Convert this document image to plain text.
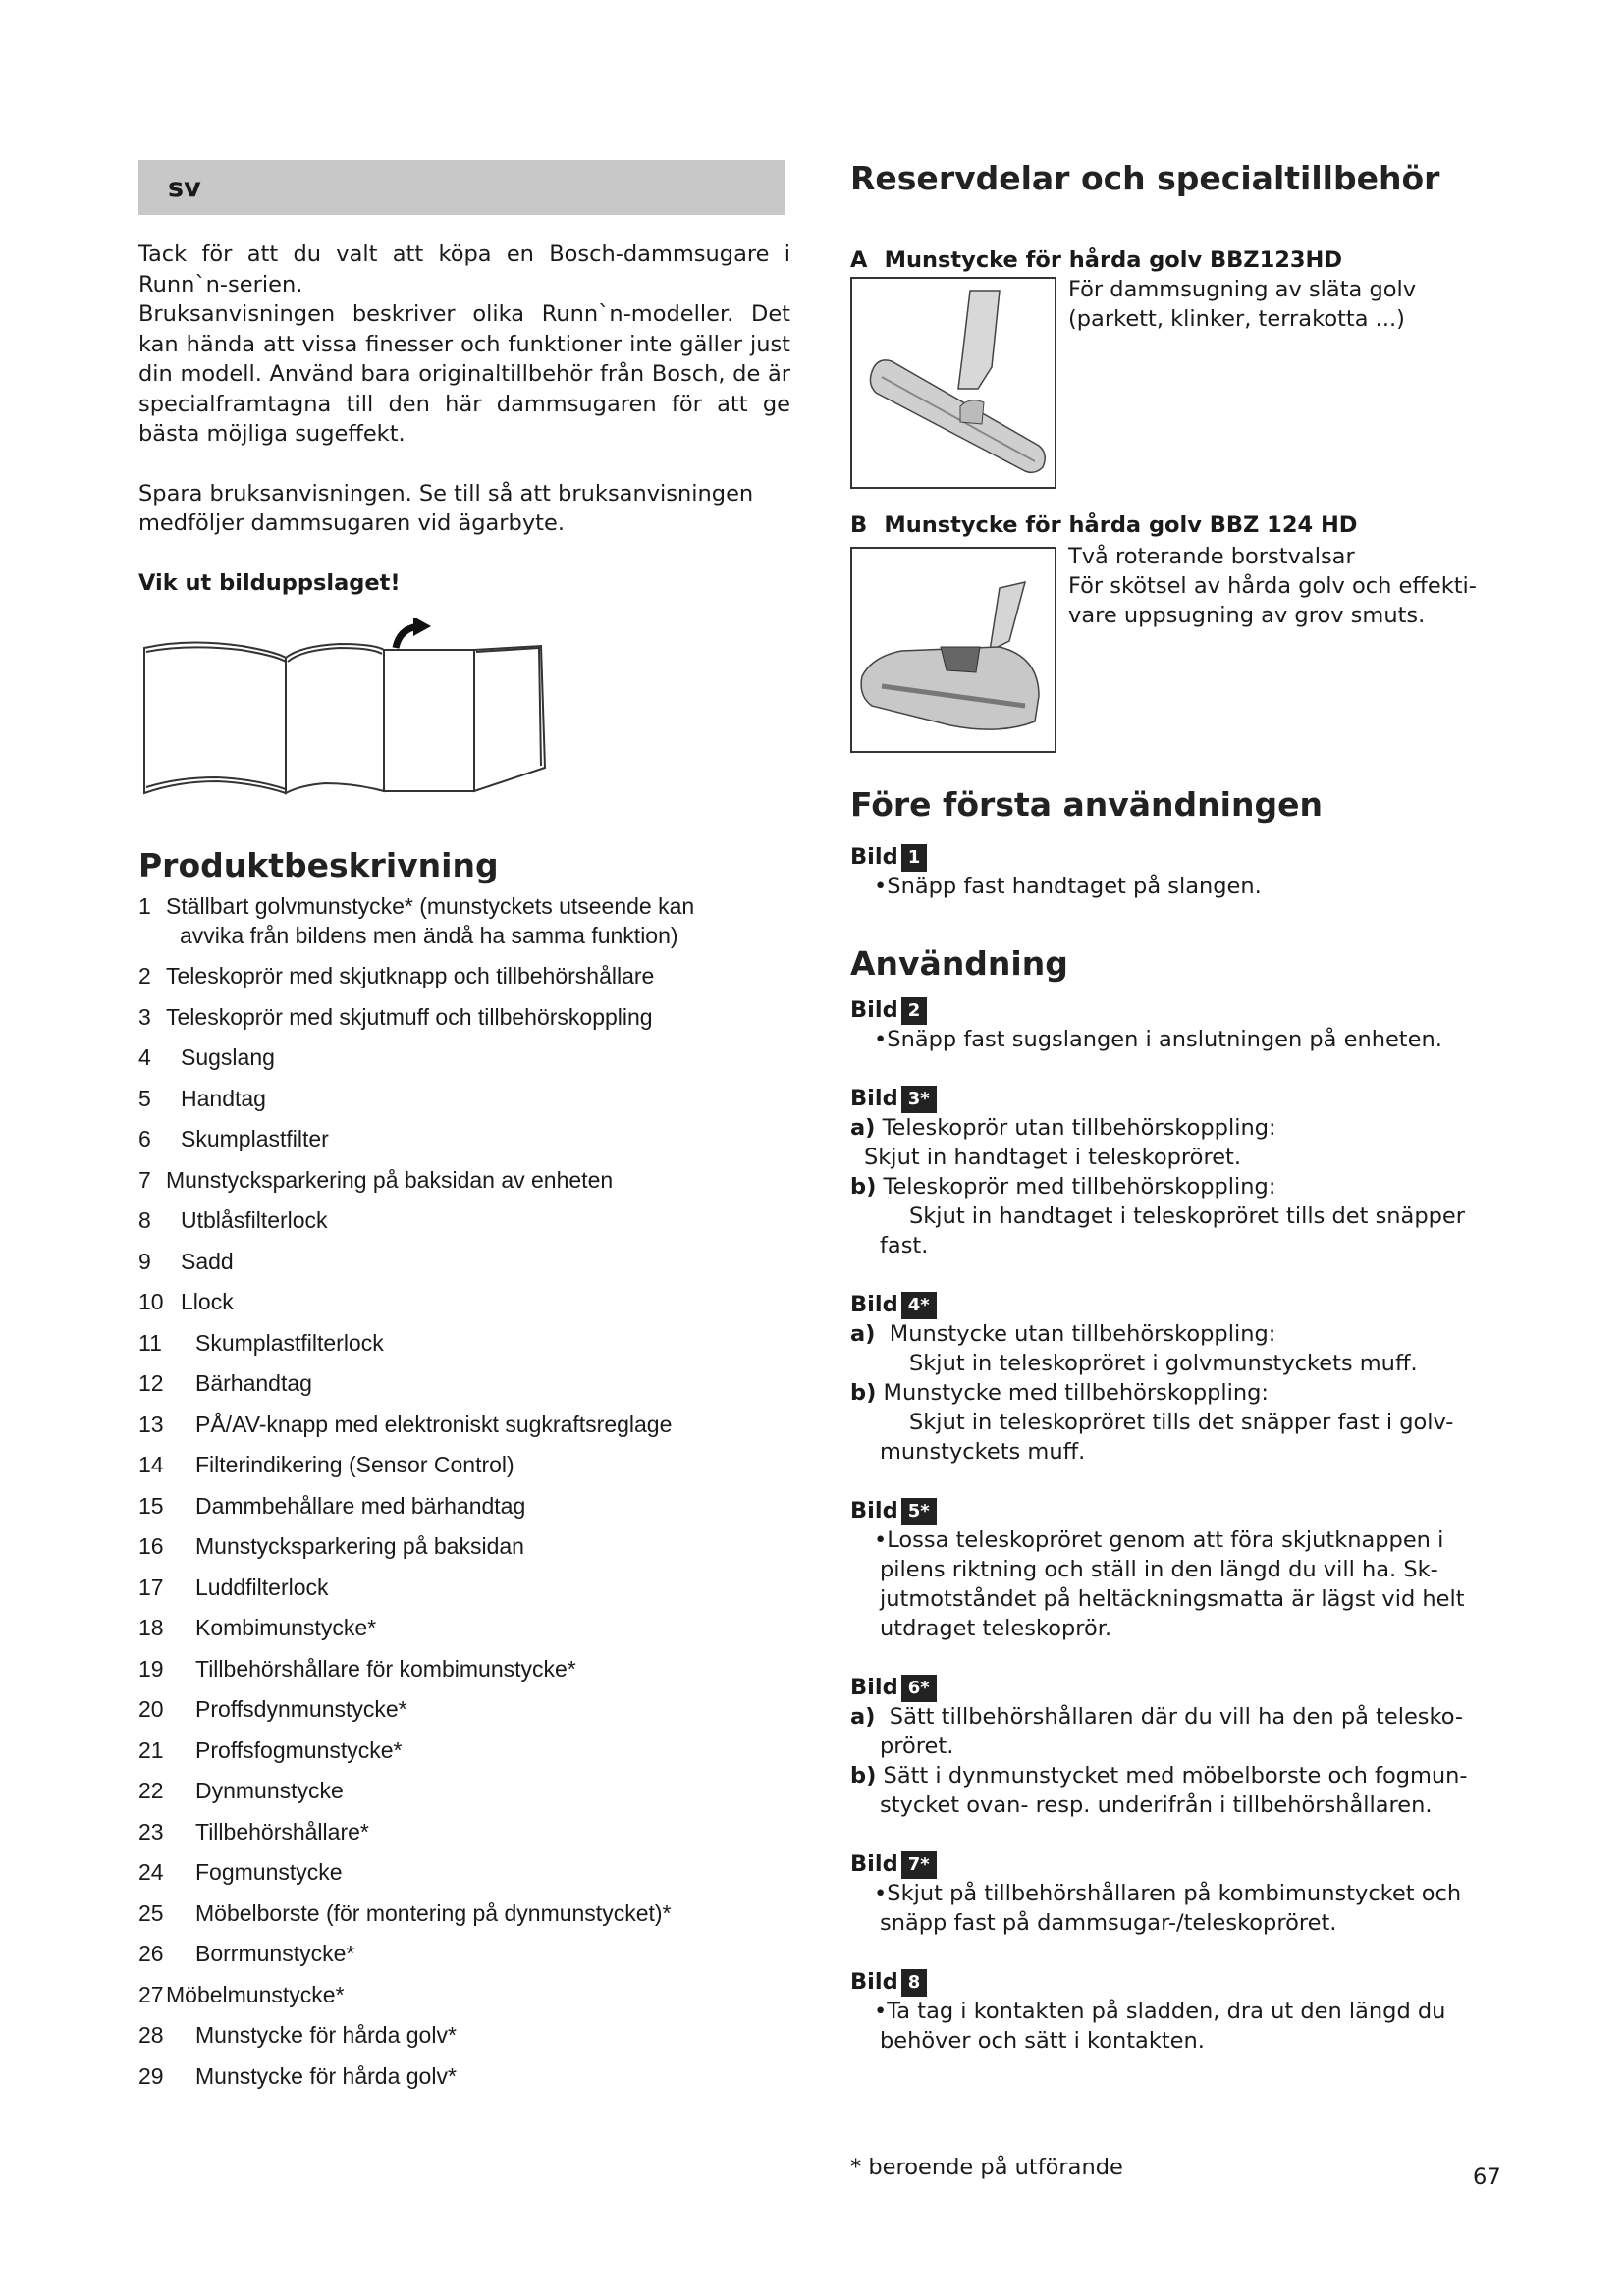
sv
Tack för att du valt att köpa en Bosch-dammsugare i
Runn`n-serien.

Bruksanvisningen beskriver olika Runn`n-modeller. Det kan hända att vissa finesser och funktioner inte gäller just din modell. Använd bara originaltillbehör från Bosch, de är specialframtagna till den här dammsugaren för att ge bästa möjliga sugeffekt.

Spara bruksanvisningen. Se till så att bruksanvisningen medföljer dammsugaren vid ägarbyte.

Vik ut bilduppslaget!

Produktbeskrivning
1 Ställbart golvmunstycke* (munstyckets utseende kan
avvika från bildens men ändå ha samma funktion)
2 Teleskoprör med skjutknapp och tillbehörshållare
3 Teleskoprör med skjutmuff och tillbehörskoppling
4 Sugslang
5 Handtag
6 Skumplastfilter
7 Munstycksparkering på baksidan av enheten
8 Utblåsfilterlock
9 Sadd
10 Llock
11 Skumplastfilterlock
12 Bärhandtag
13 PÅ/AV-knapp med elektroniskt sugkraftsreglage
14 Filterindikering (Sensor Control)
15 Dammbehållare med bärhandtag
16 Munstycksparkering på baksidan
17 Luddfilterlock
18 Kombimunstycke*
19 Tillbehörshållare för kombimunstycke*
20 Proffsdynmunstycke*
21 Proffsfogmunstycke*
22 Dynmunstycke
23 Tillbehörshållare*
24 Fogmunstycke
25 Möbelborste (för montering på dynmunstycket)*
26 Borrmunstycke*
27 Möbelmunstycke*
28 Munstycke för hårda golv*
29 Munstycke för hårda golv*
Reservdelar och specialtillbehör
A Munstycke för hårda golv BBZ123HD
För dammsugning av släta golv
(parkett, klinker, terrakotta ...)
B Munstycke för hårda golv BBZ 124 HD
Två roterande borstvalsar
För skötsel av hårda golv och effekti-
vare uppsugning av grov smuts.
Före första användningen
Bild 1
•Snäpp fast handtaget på slangen.
Användning
Bild 2
•Snäpp fast sugslangen i anslutningen på enheten.
Bild 3*
a) Teleskoprör utan tillbehörskoppling:
Skjut in handtaget i teleskopröret.
b) Teleskoprör med tillbehörskoppling:
Skjut in handtaget i teleskopröret tills det snäpper
fast.
Bild 4*
a) Munstycke utan tillbehörskoppling:
Skjut in teleskopröret i golvmunstyckets muff.
b) Munstycke med tillbehörskoppling:
Skjut in teleskopröret tills det snäpper fast i golv-
munstyckets muff.
Bild 5*
•Lossa teleskopröret genom att föra skjutknappen i
pilens riktning och ställ in den längd du vill ha. Sk-
jutmotståndet på heltäckningsmatta är lägst vid helt
utdraget teleskoprör.
Bild 6*
a) Sätt tillbehörshållaren där du vill ha den på telesko-
pröret.
b) Sätt i dynmunstycket med möbelborste och fogmun-
stycket ovan- resp. underifrån i tillbehörshållaren.
Bild 7*
•Skjut på tillbehörshållaren på kombimunstycket och
snäpp fast på dammsugar-/teleskopröret.
Bild 8
•Ta tag i kontakten på sladden, dra ut den längd du
behöver och sätt i kontakten.
* beroende på utförande	67
